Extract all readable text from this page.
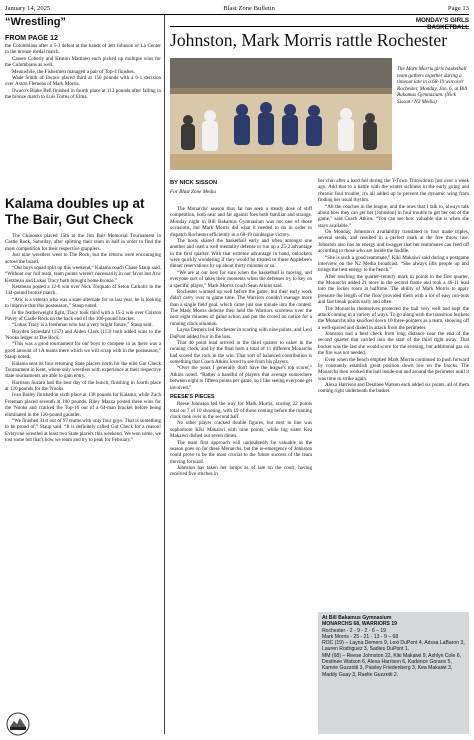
January 14, 2025	Blast Zone Bulletin	Page 13
“Wrestling”
FROM PAGE 12

the Columbians after a 5-3 defeat at the hands of Jett Johnson of La Center in the bronze medal match.

Carsen Coberly and Keaton Mattinen each picked up multiple wins for the Columbians as well.

Meanwhile, the Fishermen managed a pair of Top-4 finishes.

Wade Smith of Ilwaco placed third at 150 pounds with a 6-1 decision over Axton Flemens of Mark Morris.

Ilwaco's Blake Bell finished in fourth place at 113 pounds after falling in the bronze match to Luis Torres of Elma.

Kalama doubles up at The Bair, Gut Check

The Chinooks placed 15th at the Jim Bair Memorial Tournament in Castle Rock, Saturday, after splitting their team in half in order to find the most competition for their respective grapplers.

Just nine wrestlers went to The Rock, but the returns were encouraging across the board.

“Our boys squad split up this weekend,” Kalama coach Chase Staup said. “Without our full team, team points weren't necessarily in our favor but Aric Ketzbeau and Lukas Tracy both brought home bronze.”

Ketzbeau posted a 12-6 win over Nick Torquato of Seton Catholic in the 144-pound bronze match.

“Aric is a veteran who was a state alternate for us last year, he is looking to improve that this postseason,” Staup noted.

In the featherweight fight, Tracy took third with a 15-2 win over Colston Pavey of Castle Rock on the back end of the 106-pound bracket.

“Lukas Tracy is a freshman who has a very bright future,” Staup said.

Brayden Storedahl (157) and Aiden Clark (113) both added wins to the 'Nooks ledger at The Rock.

“This was a good tournament for our boys to compete in as there was a good amount of 1A teams there which we will scrap with in the postseason,” Staup noted.

Kalama sent its four returning State placers north for the elite Gut Check Tournament in Kent, where only wrestlers with experience at their respective state tournaments are able to gain entry.

Harrison Suzara had the best day of the bunch, finishing in fourth place at 120 pounds for the 'Nooks.

Ivan Bailey finished in sixth place at 138 pounds for Kalama, while Zach Freeman placed seventh at 190 pounds. Riley Mazza posted three wins for the 'Nooks and cracked the Top-16 out of a 64-man bracket before being eliminated in the 120-pound gauntlet.

“We finished 31st out of 97 teams with only four guys. That is something to be proud of,” Staup said. “It is definitely called Gut Check for a reason! Everyone wrestled at least two State placers this weekend. We won some, we lost some but that's how we learn and try to peak for February.”

MONDAY'S GIRLS BASKETBALL
Johnston, Mark Morris rattle Rochester
The Mark Morris girls basketball team gathers together during a timeout late in a 68-19 win over Rochester, Monday, Jan. 6, at Bill Bakamus Gymnasium. (Nick Sisson / N2 Media)
BY NICK SISSON
For Blast Zone Media

The Monarchs' season thus far has seen a steady dose of stiff competition, both near and far against foes both familiar and strange. Monday night in Bill Bakamus Gymnasium was not one of those occasions, but Mark Morris did what it needed to do in order to dispatch Rochester efficiently in a 68-19 nonleague victory.

The hosts shared the basketball early and often amongst one another and used a well mentality defense to run up a 25-2 advantage in the first quarter. With that extreme advantage in hand, onlookers were quickly wondering if they would be treated to those Applebee's dinner reservations by up about thirty minutes or so.

“We are at our best for sure when the basketball is moving, and everyone sort of takes their moments when the defenses try to key on a specific player,” Mark Morris coach Sean Atkins said.

Rochester warmed up well before the game, but their early work didn't carry over to game time. The Warriors couldn't manage more than a single field goal, which came just one minute into the contest. The Mark Morris defense then held the Warriors scoreless over the next eight minutes of game action and put the crowd on notice for a running clock situation.

Layna Demers led Rochester in scoring with nine points, and Lexi DuPont added four in the loss.

That 40 point lead arrived in the third quarter to usher in the running clock, and by the final horn a total of 11 different Monarchs had scored the rock in the win. That sort of balanced contribution is something that Coach Atkins loved to see from his players.

“Over the years I generally don't have the league's top scorer,” Atkins noted. “Rather a handful of players that average somewhere between eight to fifteen points per game, so I like seeing everyone get involved.”

REESE'S PIECES

Reese Johnston led the way for Mark Morris, scoring 22 points total on 7 of 10 shooting, with 19 of those coming before the running clock took over in the second half.

No other player cracked double figures, but next in line was sophomore Kiki Makaiwi with nine points, while big sister Kea Makaiwi dished out seven dimes.

The team first approach will undoubtedly be valuable as the season goes on for these Monarchs, but the re-emergence of Johnston could prove to be the most crucial to the future success of the team moving forward.

Johnston has taken her lumps as of late on the court, having received five stitches in

her chin after a hard fall during the T-Town Throwdown just over a week ago. Add that to a battle with the winter sickness in the early going and chronic foul trouble, it's all added up to prevent the dynamic wing from finding her usual rhythm.

“All the coaches in the league, and the ones that I talk to, always talk about how they can get her [Johnston] in foul trouble to get her out of the game,” said Coach Atkins. “You can see how valuable she is when she stays available.”

On Monday, Johnston's availability translated to four made triples, several steals, and resulted in a perfect mark at the free throw line. Johnston also has an energy and swagger that her teammates can feed off according to those who are inside the huddle.

“She is such a good teammate,” Kiki Makaiwi said during a postgame interview on the N2 Media broadcast. “She always lifts people up and brings the best energy to the bench.”

After reaching the quarter-century mark in points in the first quarter, the Monarchs added 21 more in the second frame and took a 46-11 lead into the locker room at halftime. The ability of Mark Morris to apply pressure the length of the floor provided them with a lot of easy run-outs and fast break points early and often.

The Monarchs themselves protected the ball very well and kept the attack coming in a variety of ways. To go along with the transition buckets the Monarchs also knocked down 10 three-pointers as a team, showing off a well-spaced and dialed in attack from the perimeter.

Johnston had a heat check from long distance near the end of the second quarter that carried into the start of the third right away. That bucket was the last she would score for the evening, but additional gas on the fire was not needed.

Even when the bench emptied Mark Morris continued to push forward by constantly establish great position down low on the blocks. The Monarchs then worked the ball inside-out and around the perimeter until it was time to strike again.

Alexa Harrison and Destinee Watson each added six points, all of them coming right underneath the basket.

At Bill Bakamus Gymnasium
MONARCHS 68, WARRIORS 19
Rochester - 2 - 9 - 2 - 6 – 19
Mark Morris - 25 - 21 - 13 - 9 – 68
ROC (19) – Layna Demers 9, Lexi DuPont 4, Arissa LaBaron 3, Lauren Rodriguez 3, Sadies DuPont 1.
MM (68) – Reese Johnston 22, Kiki Makaiwi 9, Ashlyn Cole 6, Destinee Watson 6, Alexa Harrison 6, Kadence Gorans 5, Kamrie Guzzotti 3, Paisley Friedenberg 3, Kea Makaiwi 3, Maddy Guay 3, Raelie Guzzotti 2.
